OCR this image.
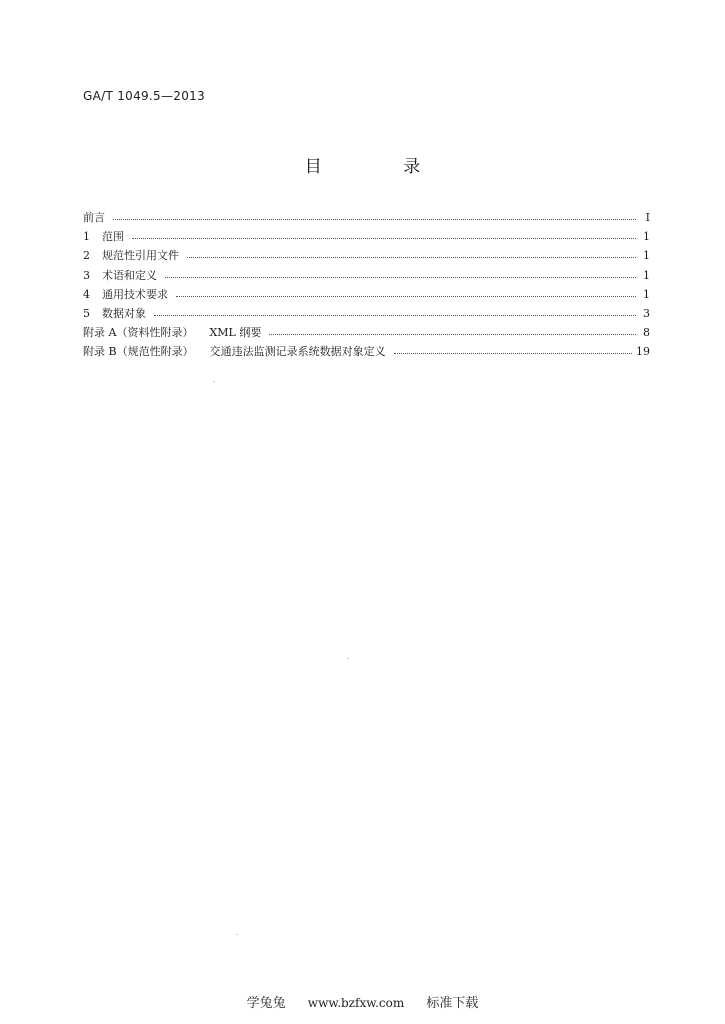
GA/T 1049.5—2013
目 录
前言	Ⅰ
1	范围	1
2	规范性引用文件	1
3	术语和定义	1
4	通用技术要求	1
5	数据对象	3
附录 A（资料性附录）	XML 纲要	8
附录 B（规范性附录）	交通违法监测记录系统数据对象定义	19
学兔兔 www.bzfxw.com 标准下载
